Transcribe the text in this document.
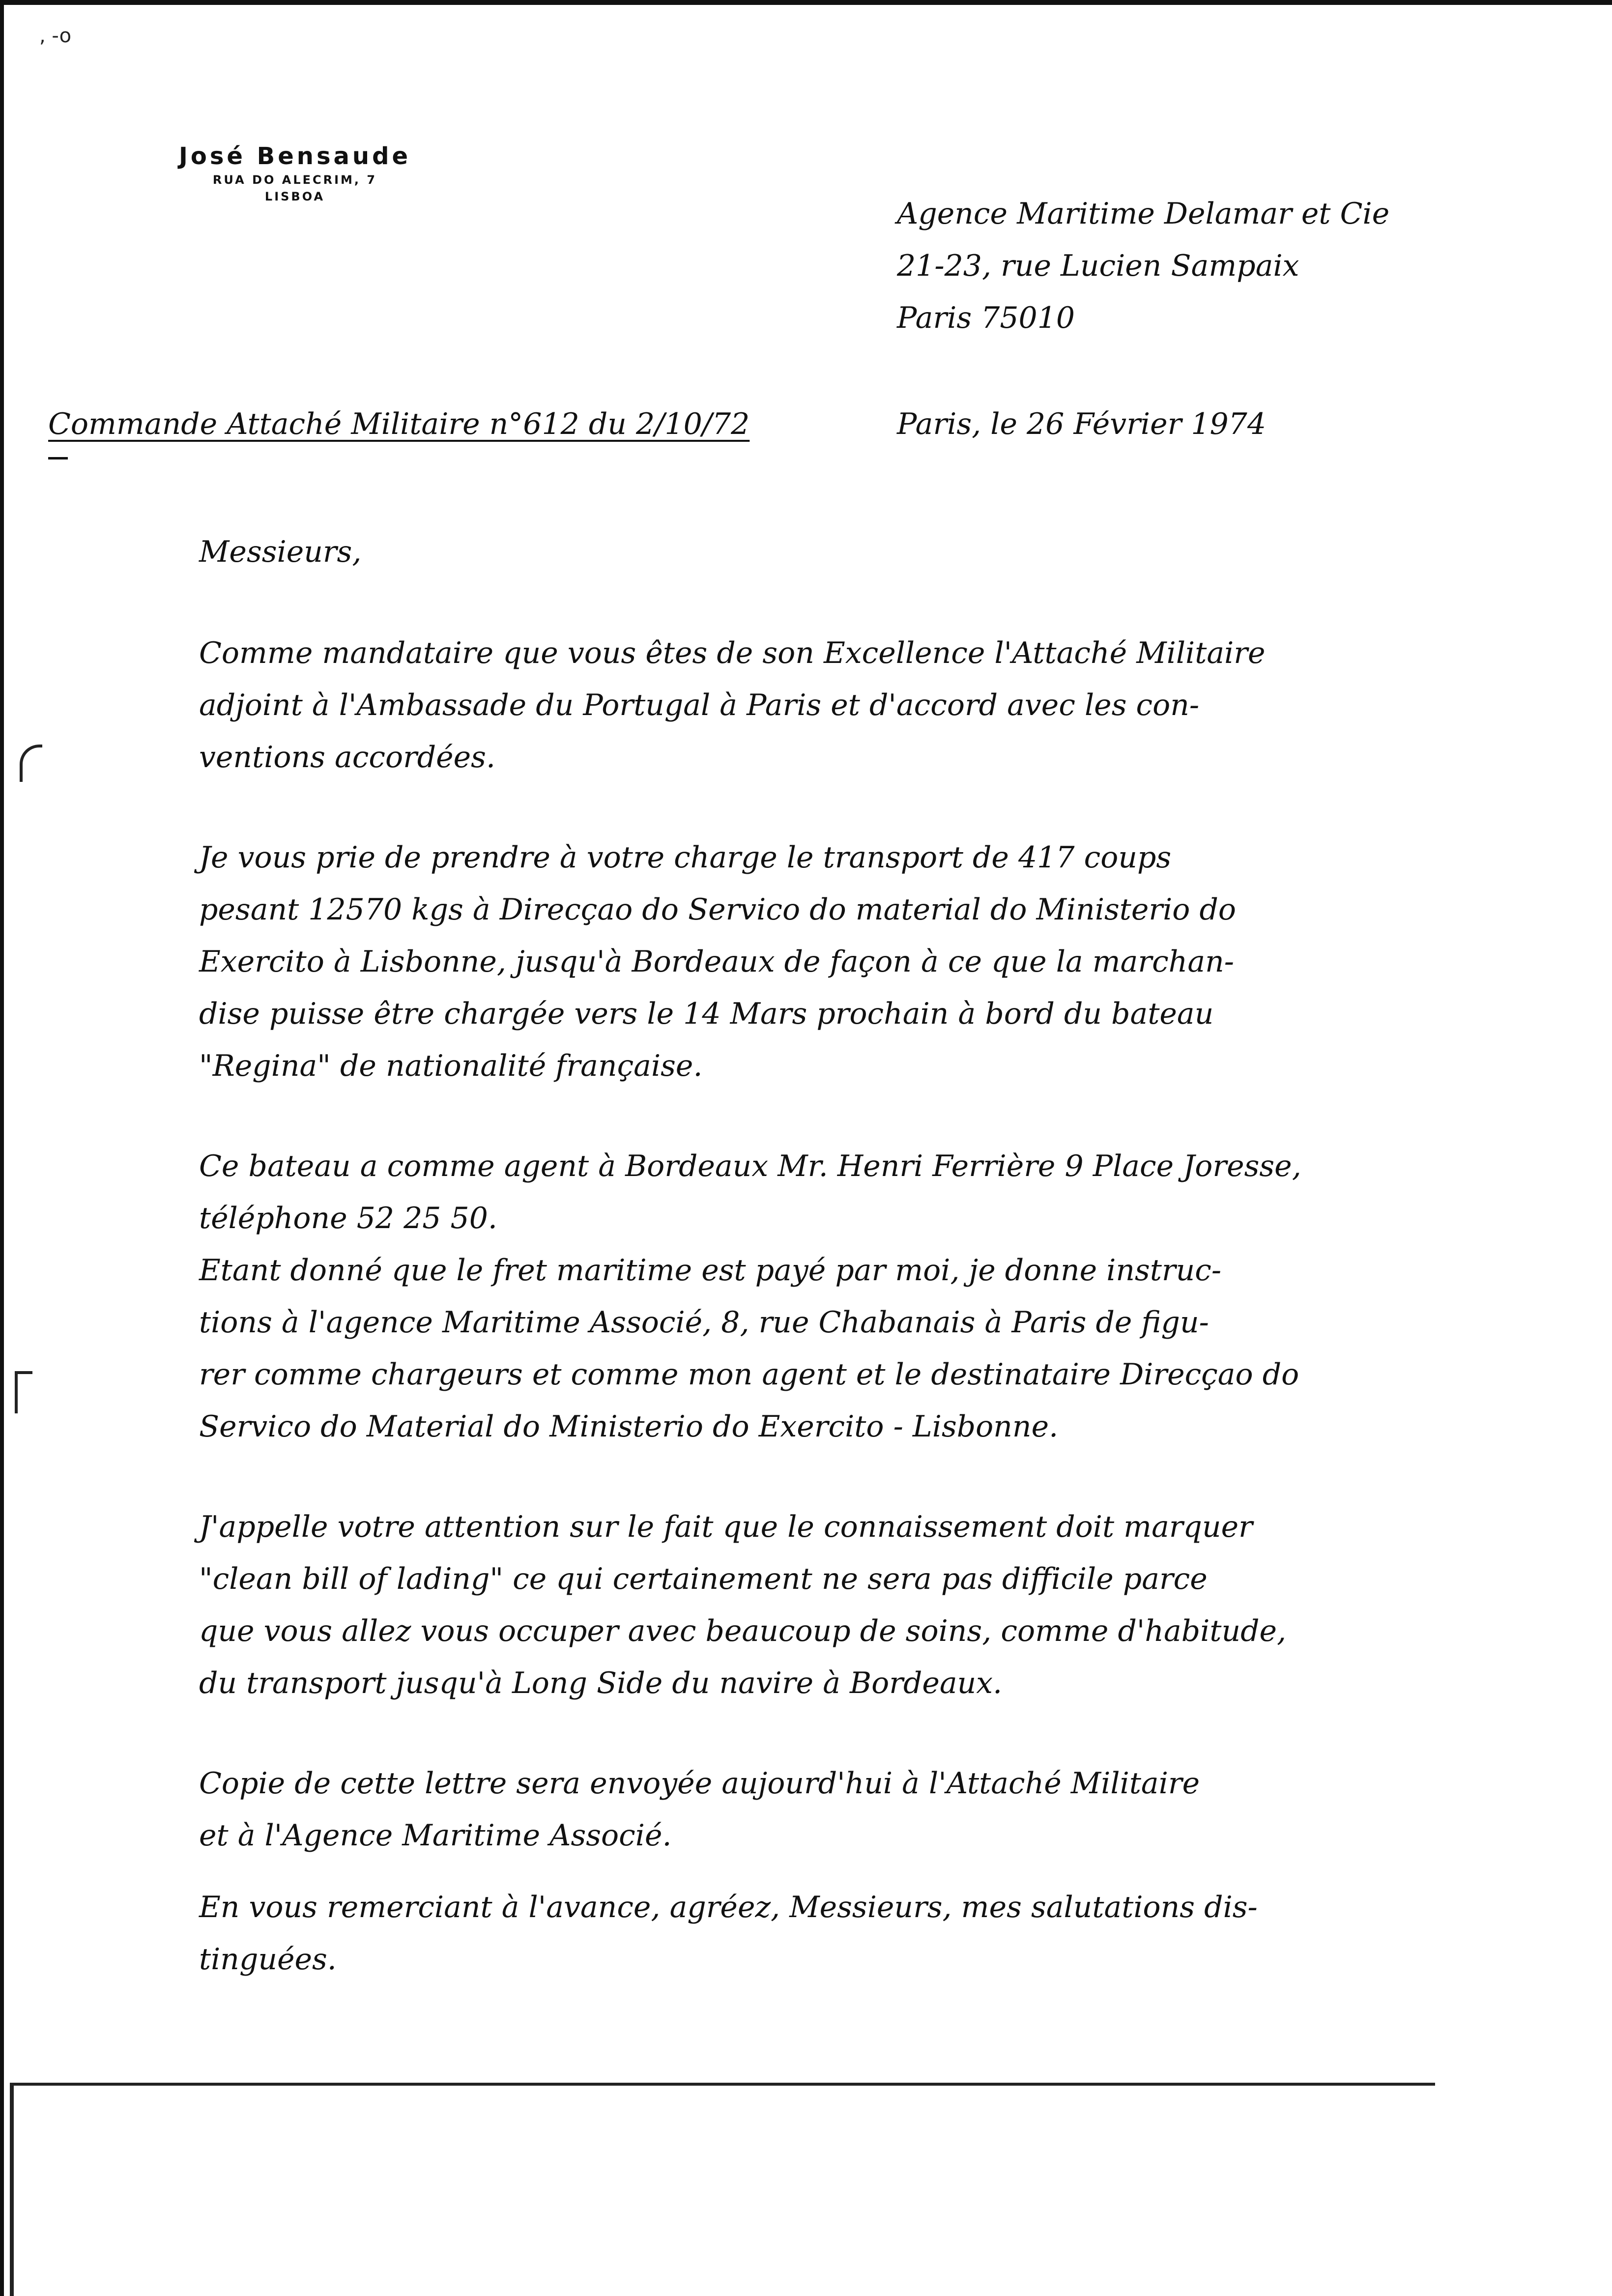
, -o

José Bensaude

RUA DO ALECRIM, 7

LISBOA	Agence Maritime Delamar et Cie
21-23, rue Lucien Sampaix
Paris 75010
Commande Attaché Militaire n°612 du 2/10/72	Paris, le 26 Février 1974

Messieurs,

Comme mandataire que vous êtes de son Excellence l'Attaché Militaire
adjoint à l'Ambassade du Portugal à Paris et d'accord avec les con-
ventions accordées.

Je vous prie de prendre à votre charge le transport de 417 coups
pesant 12570 kgs à Direcçao do Servico do material do Ministerio do
Exercito à Lisbonne, jusqu'à Bordeaux de façon à ce que la marchan-
dise puisse être chargée vers le 14 Mars prochain à bord du bateau
"Regina" de nationalité française.

Ce bateau a comme agent à Bordeaux Mr. Henri Ferrière 9 Place Joresse,
téléphone 52 25 50.
Etant donné que le fret maritime est payé par moi, je donne instruc-
tions à l'agence Maritime Associé, 8, rue Chabanais à Paris de figu-
rer comme chargeurs et comme mon agent et le destinataire Direcçao do
Servico do Material do Ministerio do Exercito - Lisbonne.

J'appelle votre attention sur le fait que le connaissement doit marquer
"clean bill of lading" ce qui certainement ne sera pas difficile parce
que vous allez vous occuper avec beaucoup de soins, comme d'habitude,
du transport jusqu'à Long Side du navire à Bordeaux.

Copie de cette lettre sera envoyée aujourd'hui à l'Attaché Militaire
et à l'Agence Maritime Associé.

En vous remerciant à l'avance, agréez, Messieurs, mes salutations dis-
tinguées.
